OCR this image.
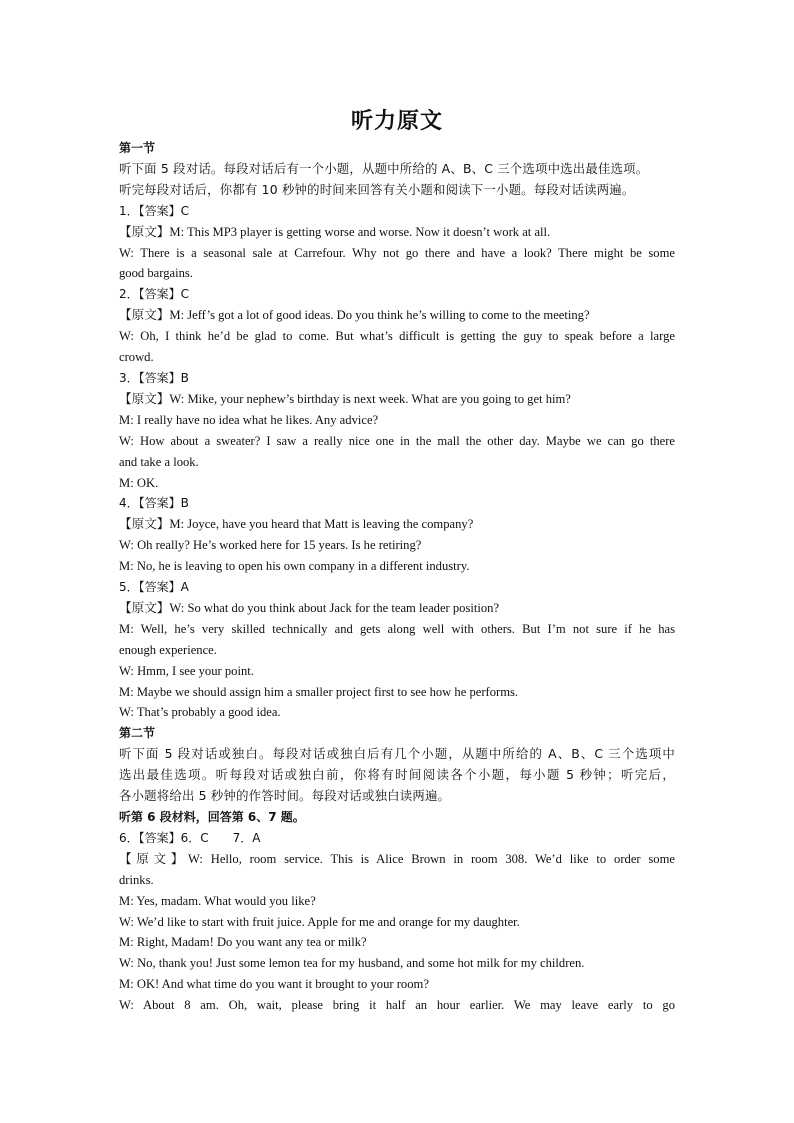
听力原文

第一节

听下面 5 段对话。每段对话后有一个小题，从题中所给的 A、B、C 三个选项中选出最佳选项。

听完每段对话后，你都有 10 秒钟的时间来回答有关小题和阅读下一小题。每段对话读两遍。

1．【答案】C

【原文】M: This MP3 player is getting worse and worse. Now it doesn’t work at all.

W: There is a seasonal sale at Carrefour. Why not go there and have a look? There might be some

good bargains.

2．【答案】C

【原文】M: Jeff’s got a lot of good ideas. Do you think he’s willing to come to the meeting?

W: Oh, I think he’d be glad to come. But what’s difficult is getting the guy to speak before a large

crowd.

3．【答案】B

【原文】W: Mike, your nephew’s birthday is next week. What are you going to get him?

M: I really have no idea what he likes. Any advice?

W: How about a sweater? I saw a really nice one in the mall the other day. Maybe we can go there

and take a look.

M: OK.

4．【答案】B

【原文】M: Joyce, have you heard that Matt is leaving the company?

W: Oh really? He’s worked here for 15 years. Is he retiring?

M: No, he is leaving to open his own company in a different industry.

5．【答案】A

【原文】W: So what do you think about Jack for the team leader position?

M: Well, he’s very skilled technically and gets along well with others. But I’m not sure if he has

enough experience.

W: Hmm, I see your point.

M: Maybe we should assign him a smaller project first to see how he performs.

W: That’s probably a good idea.

第二节

听下面 5 段对话或独白。每段对话或独白后有几个小题，从题中所给的 A、B、C 三个选项中

选出最佳选项。听每段对话或独白前，你将有时间阅读各个小题，每小题 5 秒钟；听完后，

各小题将给出 5 秒钟的作答时间。每段对话或独白读两遍。

听第 6 段材料，回答第 6、7 题。

6．【答案】6．C　　7．A

【原文】W: Hello, room service. This is Alice Brown in room 308. We’d like to order some

drinks.

M: Yes, madam. What would you like?

W: We’d like to start with fruit juice. Apple for me and orange for my daughter.

M: Right, Madam! Do you want any tea or milk?

W: No, thank you! Just some lemon tea for my husband, and some hot milk for my children.

M: OK! And what time do you want it brought to your room?

W: About 8 am. Oh, wait, please bring it half an hour earlier. We may leave early to go
